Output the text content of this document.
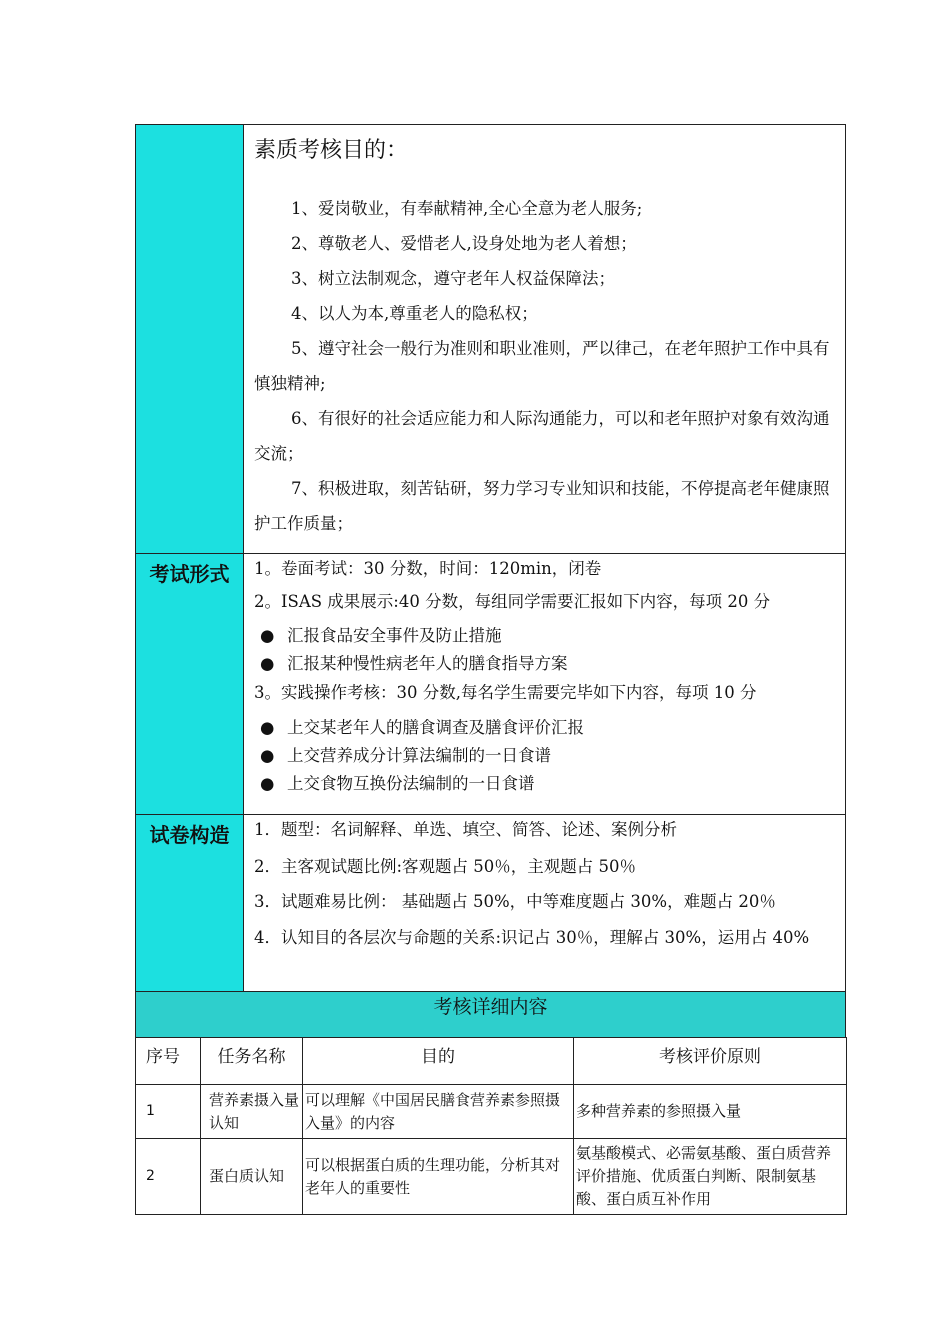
素质考核目的：
1、爱岗敬业，有奉献精神,全心全意为老人服务;
2、尊敬老人、爱惜老人,设身处地为老人着想；
3、树立法制观念，遵守老年人权益保障法；
4、以人为本,尊重老人的隐私权；
5、遵守社会一般行为准则和职业准则，严以律己，在老年照护工作中具有慎独精神;
6、有很好的社会适应能力和人际沟通能力，可以和老年照护对象有效沟通交流；
7、积极进取，刻苦钻研，努力学习专业知识和技能，不停提高老年健康照护工作质量；
考试形式	1。卷面考试：30 分数，时间：120min，闭卷
2。ISAS 成果展示:40 分数，每组同学需要汇报如下内容，每项 20 分
● 汇报食品安全事件及防止措施
● 汇报某种慢性病老年人的膳食指导方案
3。实践操作考核：30 分数,每名学生需要完毕如下内容，每项 10 分
● 上交某老年人的膳食调查及膳食评价汇报
● 上交营养成分计算法编制的一日食谱
● 上交食物互换份法编制的一日食谱
试卷构造	1．题型：名词解释、单选、填空、简答、论述、案例分析
2．主客观试题比例:客观题占 50％，主观题占 50％
3．试题难易比例： 基础题占 50%，中等难度题占 30%，难题占 20％
4．认知目的各层次与命题的关系:识记占 30％，理解占 30%，运用占 40%
考核详细内容
序号	任务名称	目的	考核评价原则
1	营养素摄入量认知	可以理解《中国居民膳食营养素参照摄入量》的内容	多种营养素的参照摄入量
2	蛋白质认知	可以根据蛋白质的生理功能，分析其对老年人的重要性	氨基酸模式、必需氨基酸、蛋白质营养评价措施、优质蛋白判断、限制氨基酸、蛋白质互补作用
